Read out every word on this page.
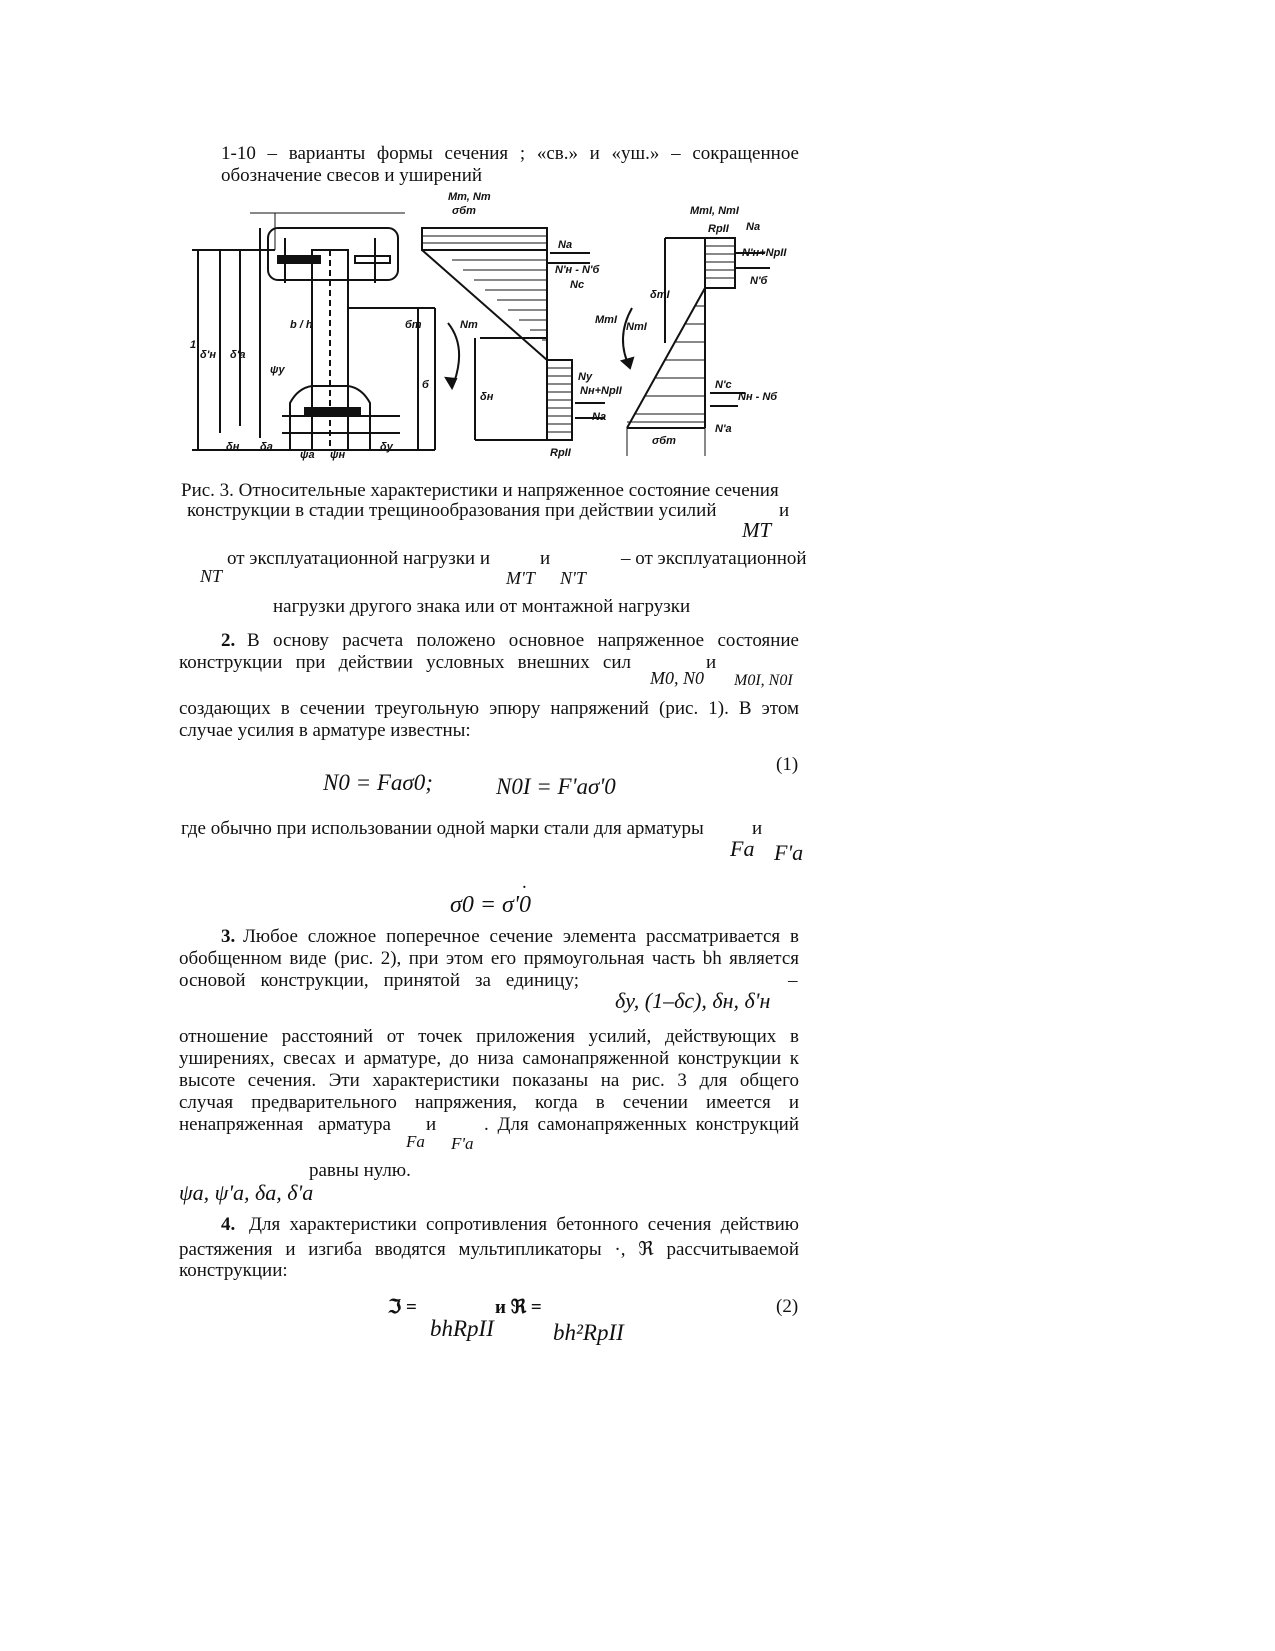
1-10 – варианты формы сечения ; «св.» и «уш.» – сокращенное
обозначение свесов и уширений
Mт, Nт
σбт	MтI, NтI
RрII Nа
Nа
N'н - N'б
Nс
N'н+NрII
N'б
Nт	MтI
NтI
Nу
Nн+NрII
Nа
RрII
N'с
Nн - Nб
N'а
σбт
δн
1
b / h
б
бт
ψу
ψа ψн
δу
δн δа
δ'н δ'а
δтI
Рис. 3. Относительные характеристики и напряженное состояние сечения
конструкции в стадии трещинообразования при действии усилий	и
MT
от эксплуатационной нагрузки и	и	– от эксплуатационной
NT	M'T N'T
нагрузки другого знака или от монтажной нагрузки
2. В основу расчета положено основное напряженное состояние
конструкции при действии условных внешних сил	и
M0, N0 M0I, N0I
создающих в сечении треугольную эпюру напряжений (рис. 1). В этом
случае усилия в арматуре известны:
(1)
N0 = Faσ0;	N0I = F'aσ'0
где обычно при использовании одной марки стали для арматуры	и
Fa F'a
.
σ0 = σ'0
3. Любое сложное поперечное сечение элемента рассматривается в
обобщенном виде (рис. 2), при этом его прямоугольная часть bh является
основой конструкции, принятой за единицу;	–
δy, (1–δc), δн, δ'н
отношение расстояний от точек приложения усилий, действующих в
уширениях, свесах и арматуре, до низа самонапряженной конструкции к
высоте сечения. Эти характеристики показаны на рис. 3 для общего
случая предварительного напряжения, когда в сечении имеется и
ненапряженная арматура и	. Для самонапряженных конструкций
Fa F'a
равны нулю.
ψa, ψ'a, δa, δ'a
4. Для характеристики сопротивления бетонного сечения действию
растяжения и изгиба вводятся мультипликаторы ·, ℜ рассчитываемой
конструкции:
ℑ =	и ℜ =	(2)
bhRpII	bh²RpII
